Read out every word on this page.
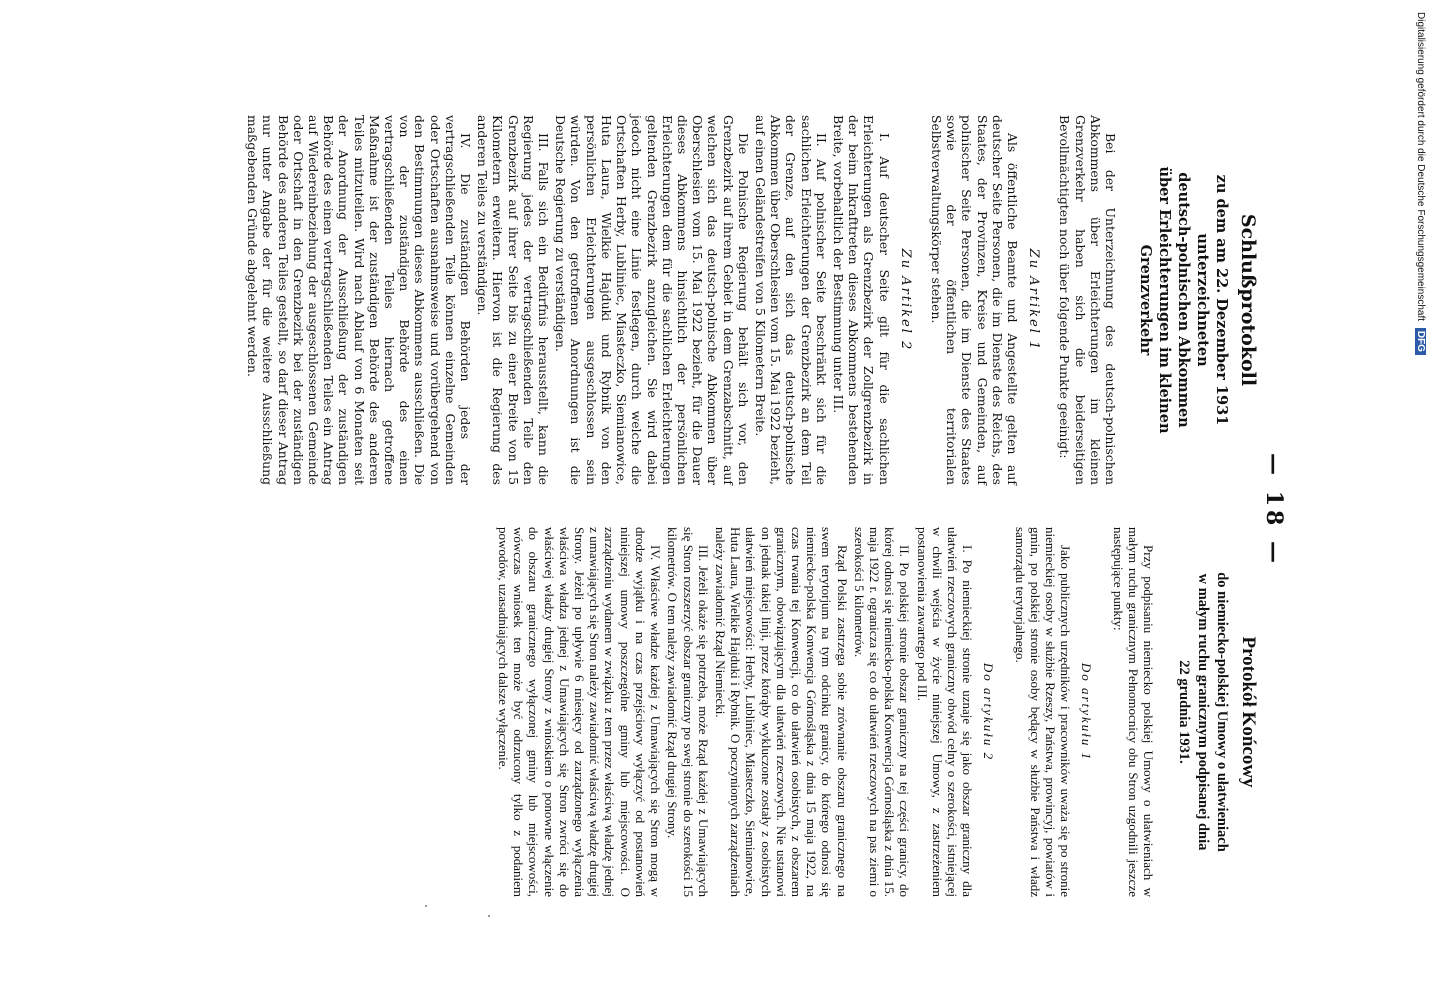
— 18 —
Schlußprotokoll
zu dem am 22. Dezember 1931 unterzeichneten
deutsch-polnischen Abkommen
über Erleichterungen im kleinen Grenzverkehr

Bei der Unterzeichnung des deutsch-polnischen Abkommens über Erleichterungen im kleinen Grenzverkehr haben sich die beiderseitigen Bevollmächtigten noch über folgende Punkte geeinigt:

Zu Artikel 1

Als öffentliche Beamte und Angestellte gelten auf deutscher Seite Personen, die im Dienste des Reichs, des Staates, der Provinzen, Kreise und Gemeinden, auf polnischer Seite Personen, die im Dienste des Staates sowie der öffentlichen territorialen Selbstverwaltungskörper stehen.

Zu Artikel 2

I. Auf deutscher Seite gilt für die sachlichen Erleichterungen als Grenzbezirk der Zollgrenzbezirk in der beim Inkrafttreten dieses Abkommens bestehenden Breite, vorbehaltlich der Bestimmung unter III.

II. Auf polnischer Seite beschränkt sich für die sachlichen Erleichterungen der Grenzbezirk an dem Teil der Grenze, auf den sich das deutsch-polnische Abkommen über Oberschlesien vom 15. Mai 1922 bezieht, auf einen Geländestreifen von 5 Kilometern Breite.

Die Polnische Regierung behält sich vor, den Grenzbezirk auf ihrem Gebiet in dem Grenzabschnitt, auf welchen sich das deutsch-polnische Abkommen über Oberschlesien vom 15. Mai 1922 bezieht, für die Dauer dieses Abkommens hinsichtlich der persönlichen Erleichterungen dem für die sachlichen Erleichterungen geltenden Grenzbezirk anzugleichen. Sie wird dabei jedoch nicht eine Linie festlegen, durch welche die Ortschaften Herby, Lubliniec, Miasteczko, Siemianowice, Huta Laura, Wielkie Hajduki und Rybnik von den persönlichen Erleichterungen ausgeschlossen sein würden. Von den getroffenen Anordnungen ist die Deutsche Regierung zu verständigen.

III. Falls sich ein Bedürfnis herausstellt, kann die Regierung jedes der vertragschließenden Teile den Grenzbezirk auf ihrer Seite bis zu einer Breite von 15 Kilometern erweitern. Hiervon ist die Regierung des anderen Teiles zu verständigen.

IV. Die zuständigen Behörden jedes der vertragschließenden Teile können einzelne Gemeinden oder Ortschaften ausnahmsweise und vorübergehend von den Bestimmungen dieses Abkommens ausschließen. Die von der zuständigen Behörde des einen vertragschließenden Teiles hiernach getroffene Maßnahme ist der zuständigen Behörde des anderen Teiles mitzuteilen. Wird nach Ablauf von 6 Monaten seit der Anordnung der Ausschließung der zuständigen Behörde des einen vertragschließenden Teiles ein Antrag auf Wiedereinbeziehung der ausgeschlossenen Gemeinde oder Ortschaft in den Grenzbezirk bei der zuständigen Behörde des anderen Teiles gestellt, so darf dieser Antrag nur unter Angabe der für die weitere Ausschließung maßgebenden Gründe abgelehnt werden.

Protokół Końcowy
do niemiecko-polskiej Umowy o ułatwieniach
w małym ruchu granicznym podpisanej dnia
22 grudnia 1931.

Przy podpisaniu niemiecko polskiej Umowy o ułatwieniach w małym ruchu granicznym Pełnomocnicy obu Stron uzgodnili jeszcze następujące punkty:

Do artykułu 1

Jako publicznych urzędników i pracowników uważa się po stronie niemieckiej osoby w służbie Rzeszy, Państwa, prowincyj, powiatów i gmin, po polskiej stronie osoby będący w służbie Państwa i władz samorządu terytorjalnego.

Do artykułu 2

I. Po niemieckiej stronie uznaje się jako obszar graniczny dla ułatwień rzeczowych graniczny obwód celny o szerokości, istniejącej w chwili wejścia w życie niniejszej Umowy, z zastrzeżeniem postanowienia zawartego pod III.

II. Po polskiej stronie obszar graniczny na tej części granicy, do której odnosi się niemiecko-polska Konwencja Górnośląska z dnia 15. maja 1922 r. ogranicza się co do ułatwień rzeczowych na pas ziemi o szerokości 5 kilometrów.

Rząd Polski zastrzega sobie zrównanie obszaru granicznego na swem terytorjum na tym odcinku granicy, do którego odnosi się niemiecko-polska Konwencja Górnośląska z dnia 15 maja 1922, na czas trwania tej Konwencji, co do ułatwień osobistych, z obszarem granicznym, obowiązującym dla ułatwień rzeczowych. Nie ustanowi on jednak takiej linji, przez którąby wykluczone zostały z osobistych ułatwień miejscowości: Herby, Lubliniec, Miasteczko, Siemianowice, Huta Laura, Wielkie Hajduki i Rybnik. O poczynionych zarządzeniach należy zawiadomić Rząd Niemiecki.

III. Jeżeli okaże się potrzeba, może Rząd każdej z Umawiających się Stron rozszerzyć obszar graniczny po swej stronie do szerokości 15 kilometrów. O tem należy zawiadomić Rząd drugiej Strony.

IV. Właściwe władze każdej z Umawiających się Stron mogą w drodze wyjątku i na czas przejściowy wyłączyć od postanowień niniejszej umowy poszczególne gminy lub miejscowości. O zarządzeniu wydanem w związku z tem przez właściwą władzę jednej z umawiających się Stron należy zawiadomić właściwą władzę drugiej Strony. Jeżeli po upływie 6 miesięcy od zarządzonego wyłączenia właściwa władza jednej z Umawiających się Stron zwróci się do właściwej władzy drugiej Strony z wnioskiem o ponowne włączenie do obszaru granicznego wyłączonej gminy lub miejscowości, wówczas wniosek ten może być odrzucony tylko z podaniem powodów, uzasadniających dalsze wyłączenie.

Digitalisierung gefördert durch die Deutsche Forschungsgemeinschaft DFG
